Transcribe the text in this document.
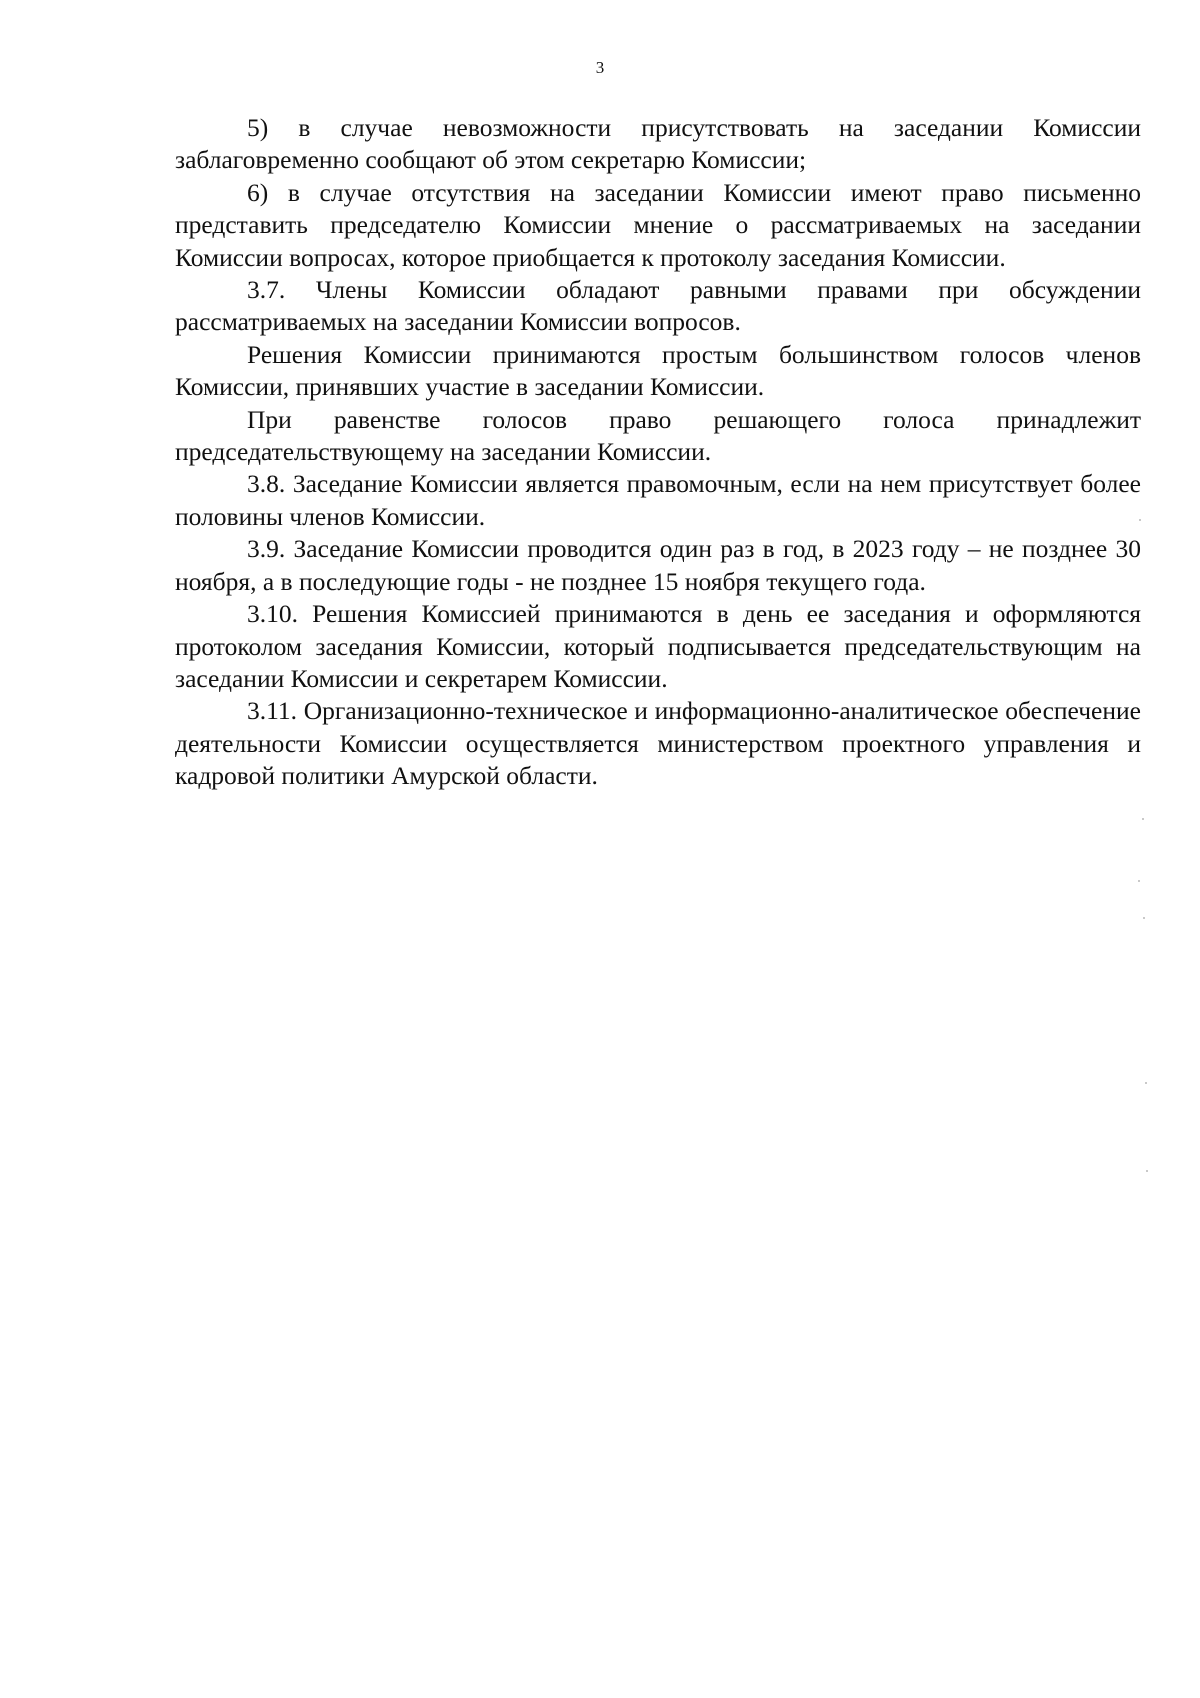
3

5) в случае невозможности присутствовать на заседании Комиссии заблаговременно сообщают об этом секретарю Комиссии;

6) в случае отсутствия на заседании Комиссии имеют право письменно представить председателю Комиссии мнение о рассматриваемых на заседании Комиссии вопросах, которое приобщается к протоколу заседания Комиссии.

3.7. Члены Комиссии обладают равными правами при обсуждении рассматриваемых на заседании Комиссии вопросов.

Решения Комиссии принимаются простым большинством голосов членов Комиссии, принявших участие в заседании Комиссии.

При равенстве голосов право решающего голоса принадлежит председательствующему на заседании Комиссии.

3.8. Заседание Комиссии является правомочным, если на нем присутствует более половины членов Комиссии.

3.9. Заседание Комиссии проводится один раз в год, в 2023 году – не позднее 30 ноября, а в последующие годы - не позднее 15 ноября текущего года.

3.10. Решения Комиссией принимаются в день ее заседания и оформляются протоколом заседания Комиссии, который подписывается председательствующим на заседании Комиссии и секретарем Комиссии.

3.11. Организационно-техническое и информационно-аналитическое обеспечение деятельности Комиссии осуществляется министерством проектного управления и кадровой политики Амурской области.
